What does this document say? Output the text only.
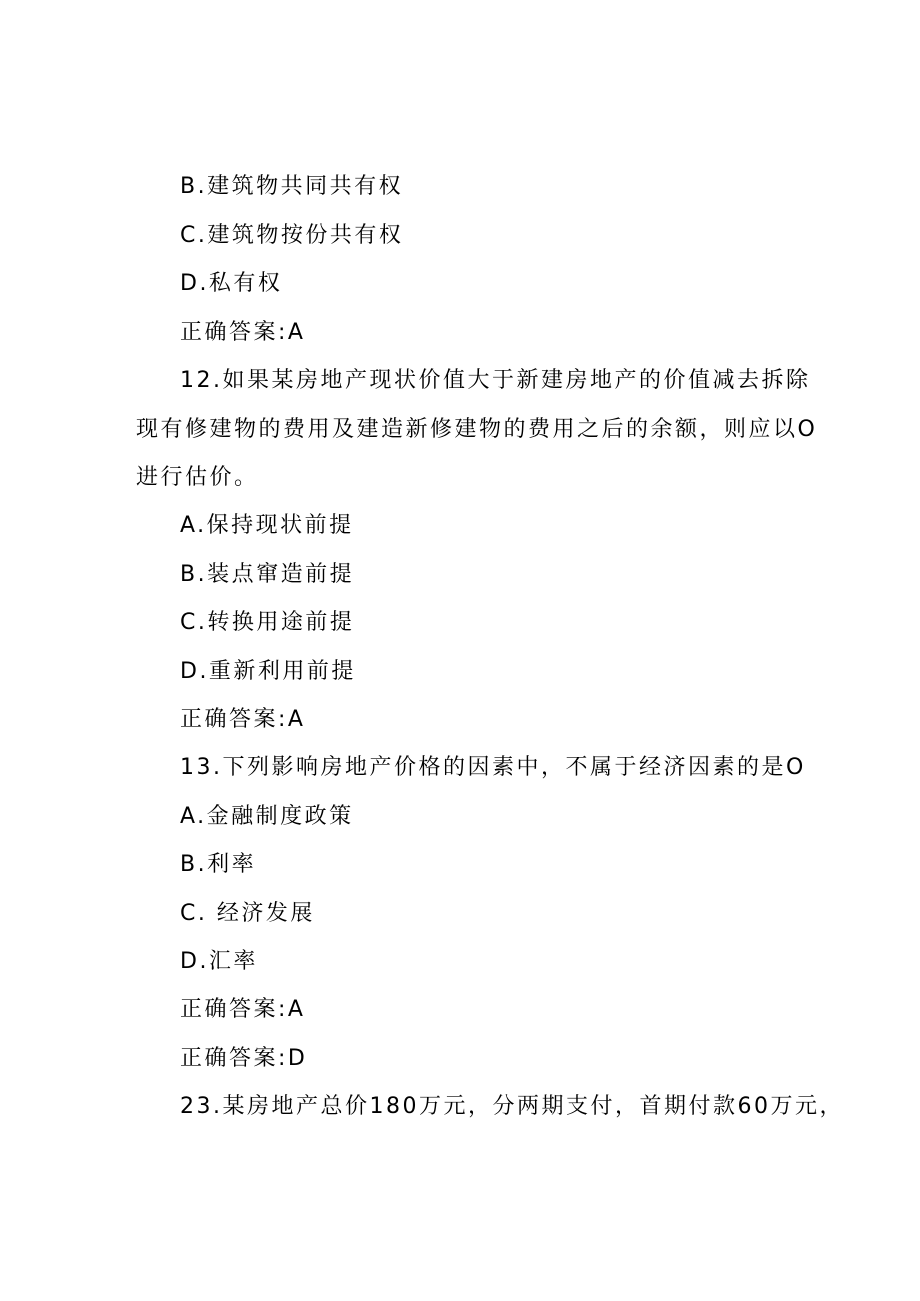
B.建筑物共同共有权
C.建筑物按份共有权
D.私有权
正确答案:A
12.如果某房地产现状价值大于新建房地产的价值减去拆除
现有修建物的费用及建造新修建物的费用之后的余额，则应以O
进行估价。
A.保持现状前提
B.装点窜造前提
C.转换用途前提
D.重新利用前提
正确答案:A
13.下列影响房地产价格的因素中，不属于经济因素的是O
A.金融制度政策
B.利率
C. 经济发展
D.汇率
正确答案:A
正确答案:D
23.某房地产总价180万元，分两期支付，首期付款60万元，
